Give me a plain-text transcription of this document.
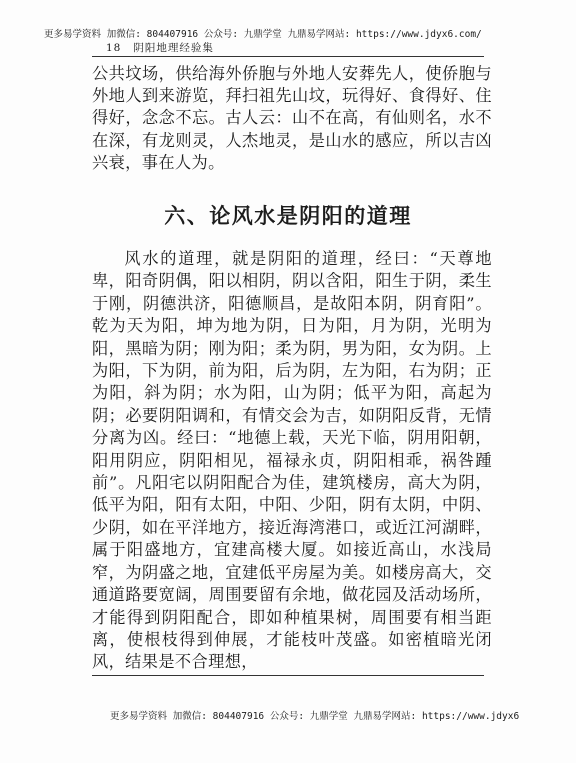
更多易学资料 加微信: 804407916 公众号: 九鼎学堂 九鼎易学网站: https://www.jdyx6.com/
18 阴阳地理经验集

公共坟场，供给海外侨胞与外地人安葬先人，使侨胞与外地人到来游览，拜扫祖先山坟，玩得好、食得好、住得好，念念不忘。古人云：山不在高，有仙则名，水不在深，有龙则灵，人杰地灵，是山水的感应，所以吉凶兴衰，事在人为。

六、论风水是阴阳的道理

风水的道理，就是阴阳的道理，经曰：“天尊地卑，阳奇阴偶，阳以相阴，阴以含阳，阳生于阴，柔生于刚，阴德洪济，阳德顺昌，是故阳本阴，阴育阳”。乾为天为阳，坤为地为阴，日为阳，月为阴，光明为阳，黑暗为阴；刚为阳；柔为阴，男为阳，女为阴。上为阳，下为阴，前为阳，后为阴，左为阳，右为阴；正为阳，斜为阴；水为阳，山为阴；低平为阳，高起为阴；必要阴阳调和，有情交会为吉，如阴阳反背，无情分离为凶。经曰：“地德上载，天光下临，阴用阳朝，阳用阴应，阴阳相见，福禄永贞，阴阳相乖，祸咎踵前”。凡阳宅以阴阳配合为佳，建筑楼房，高大为阴，低平为阳，阳有太阳，中阳、少阳，阴有太阴，中阴、少阴，如在平洋地方，接近海湾港口，或近江河湖畔，属于阳盛地方，宜建高楼大厦。如接近高山，水浅局窄，为阴盛之地，宜建低平房屋为美。如楼房高大，交通道路要宽阔，周围要留有余地，做花园及活动场所，才能得到阴阳配合，即如种植果树，周围要有相当距离，使根枝得到伸展，才能枝叶茂盛。如密植暗光闭风，结果是不合理想，

更多易学资料 加微信: 804407916 公众号: 九鼎学堂 九鼎易学网站: https://www.jdyx6
